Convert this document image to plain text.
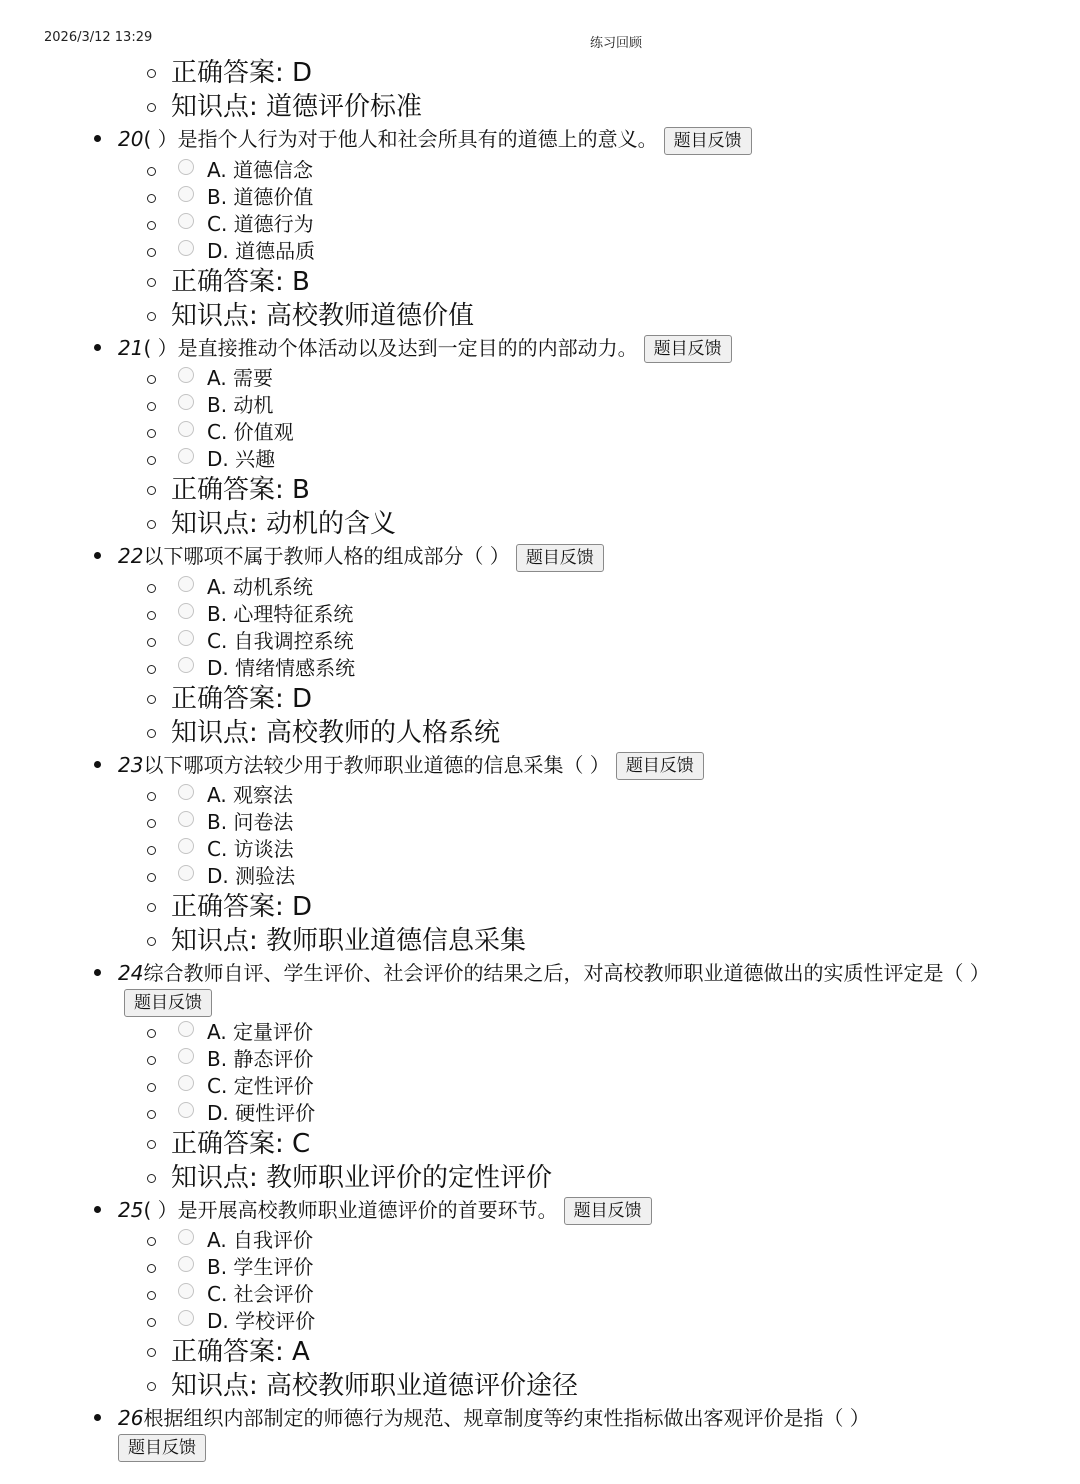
2026/3/12 13:29	练习回顾
正确答案: D
知识点: 道德评价标准
20( ）是指个人行为对于他人和社会所具有的道德上的意义。 题目反馈
A. 道德信念
B. 道德价值
C. 道德行为
D. 道德品质
正确答案: B
知识点: 高校教师道德价值
21( ）是直接推动个体活动以及达到一定目的的内部动力。 题目反馈
A. 需要
B. 动机
C. 价值观
D. 兴趣
正确答案: B
知识点: 动机的含义
22以下哪项不属于教师人格的组成部分（ ） 题目反馈
A. 动机系统
B. 心理特征系统
C. 自我调控系统
D. 情绪情感系统
正确答案: D
知识点: 高校教师的人格系统
23以下哪项方法较少用于教师职业道德的信息采集（ ） 题目反馈
A. 观察法
B. 问卷法
C. 访谈法
D. 测验法
正确答案: D
知识点: 教师职业道德信息采集
24综合教师自评、学生评价、社会评价的结果之后，对高校教师职业道德做出的实质性评定是（ ）题目反馈
A. 定量评价
B. 静态评价
C. 定性评价
D. 硬性评价
正确答案: C
知识点: 教师职业评价的定性评价
25( ）是开展高校教师职业道德评价的首要环节。 题目反馈
A. 自我评价
B. 学生评价
C. 社会评价
D. 学校评价
正确答案: A
知识点: 高校教师职业道德评价途径
26根据组织内部制定的师德行为规范、规章制度等约束性指标做出客观评价是指（ ）
题目反馈
